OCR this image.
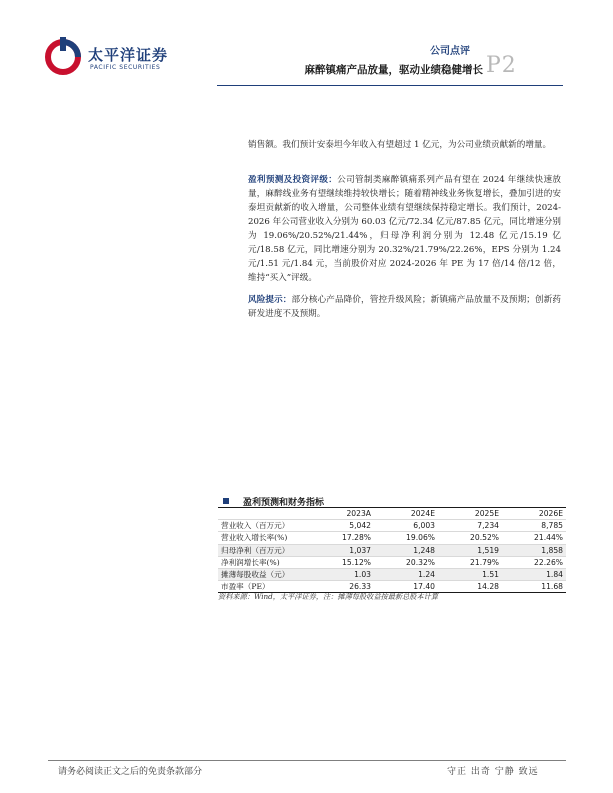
太平洋证券
PACIFIC SECURITIES
公司点评
麻醉镇痛产品放量，驱动业绩稳健增长 P2
销售额。我们预计安泰坦今年收入有望超过 1 亿元，为公司业绩贡献新的增量。
盈利预测及投资评级：公司管制类麻醉镇痛系列产品有望在 2024 年继续快速放量，麻醉线业务有望继续维持较快增长；随着精神线业务恢复增长，叠加引进的安泰坦贡献新的收入增量，公司整体业绩有望继续保持稳定增长。我们预计，2024-2026 年公司营业收入分别为 60.03 亿元/72.34 亿元/87.85 亿元，同比增速分别为 19.06%/20.52%/21.44%，归母净利润分别为 12.48 亿元/15.19 亿元/18.58 亿元，同比增速分别为 20.32%/21.79%/22.26%，EPS 分别为 1.24 元/1.51 元/1.84 元，当前股价对应 2024-2026 年 PE 为 17 倍/14 倍/12 倍，维持“买入”评级。
风险提示：部分核心产品降价，管控升级风险；新镇痛产品放量不及预期；创新药研发进度不及预期。
盈利预测和财务指标
	2023A	2024E	2025E	2026E
营业收入（百万元）	5,042	6,003	7,234	8,785
营业收入增长率(%)	17.28%	19.06%	20.52%	21.44%
归母净利（百万元）	1,037	1,248	1,519	1,858
净利润增长率(%)	15.12%	20.32%	21.79%	22.26%
摊薄每股收益（元）	1.03	1.24	1.51	1.84
市盈率（PE）	26.33	17.40	14.28	11.68
资料来源：Wind，太平洋证券，注：摊薄每股收益按最新总股本计算
请务必阅读正文之后的免责条款部分	守正 出奇 宁静 致远
